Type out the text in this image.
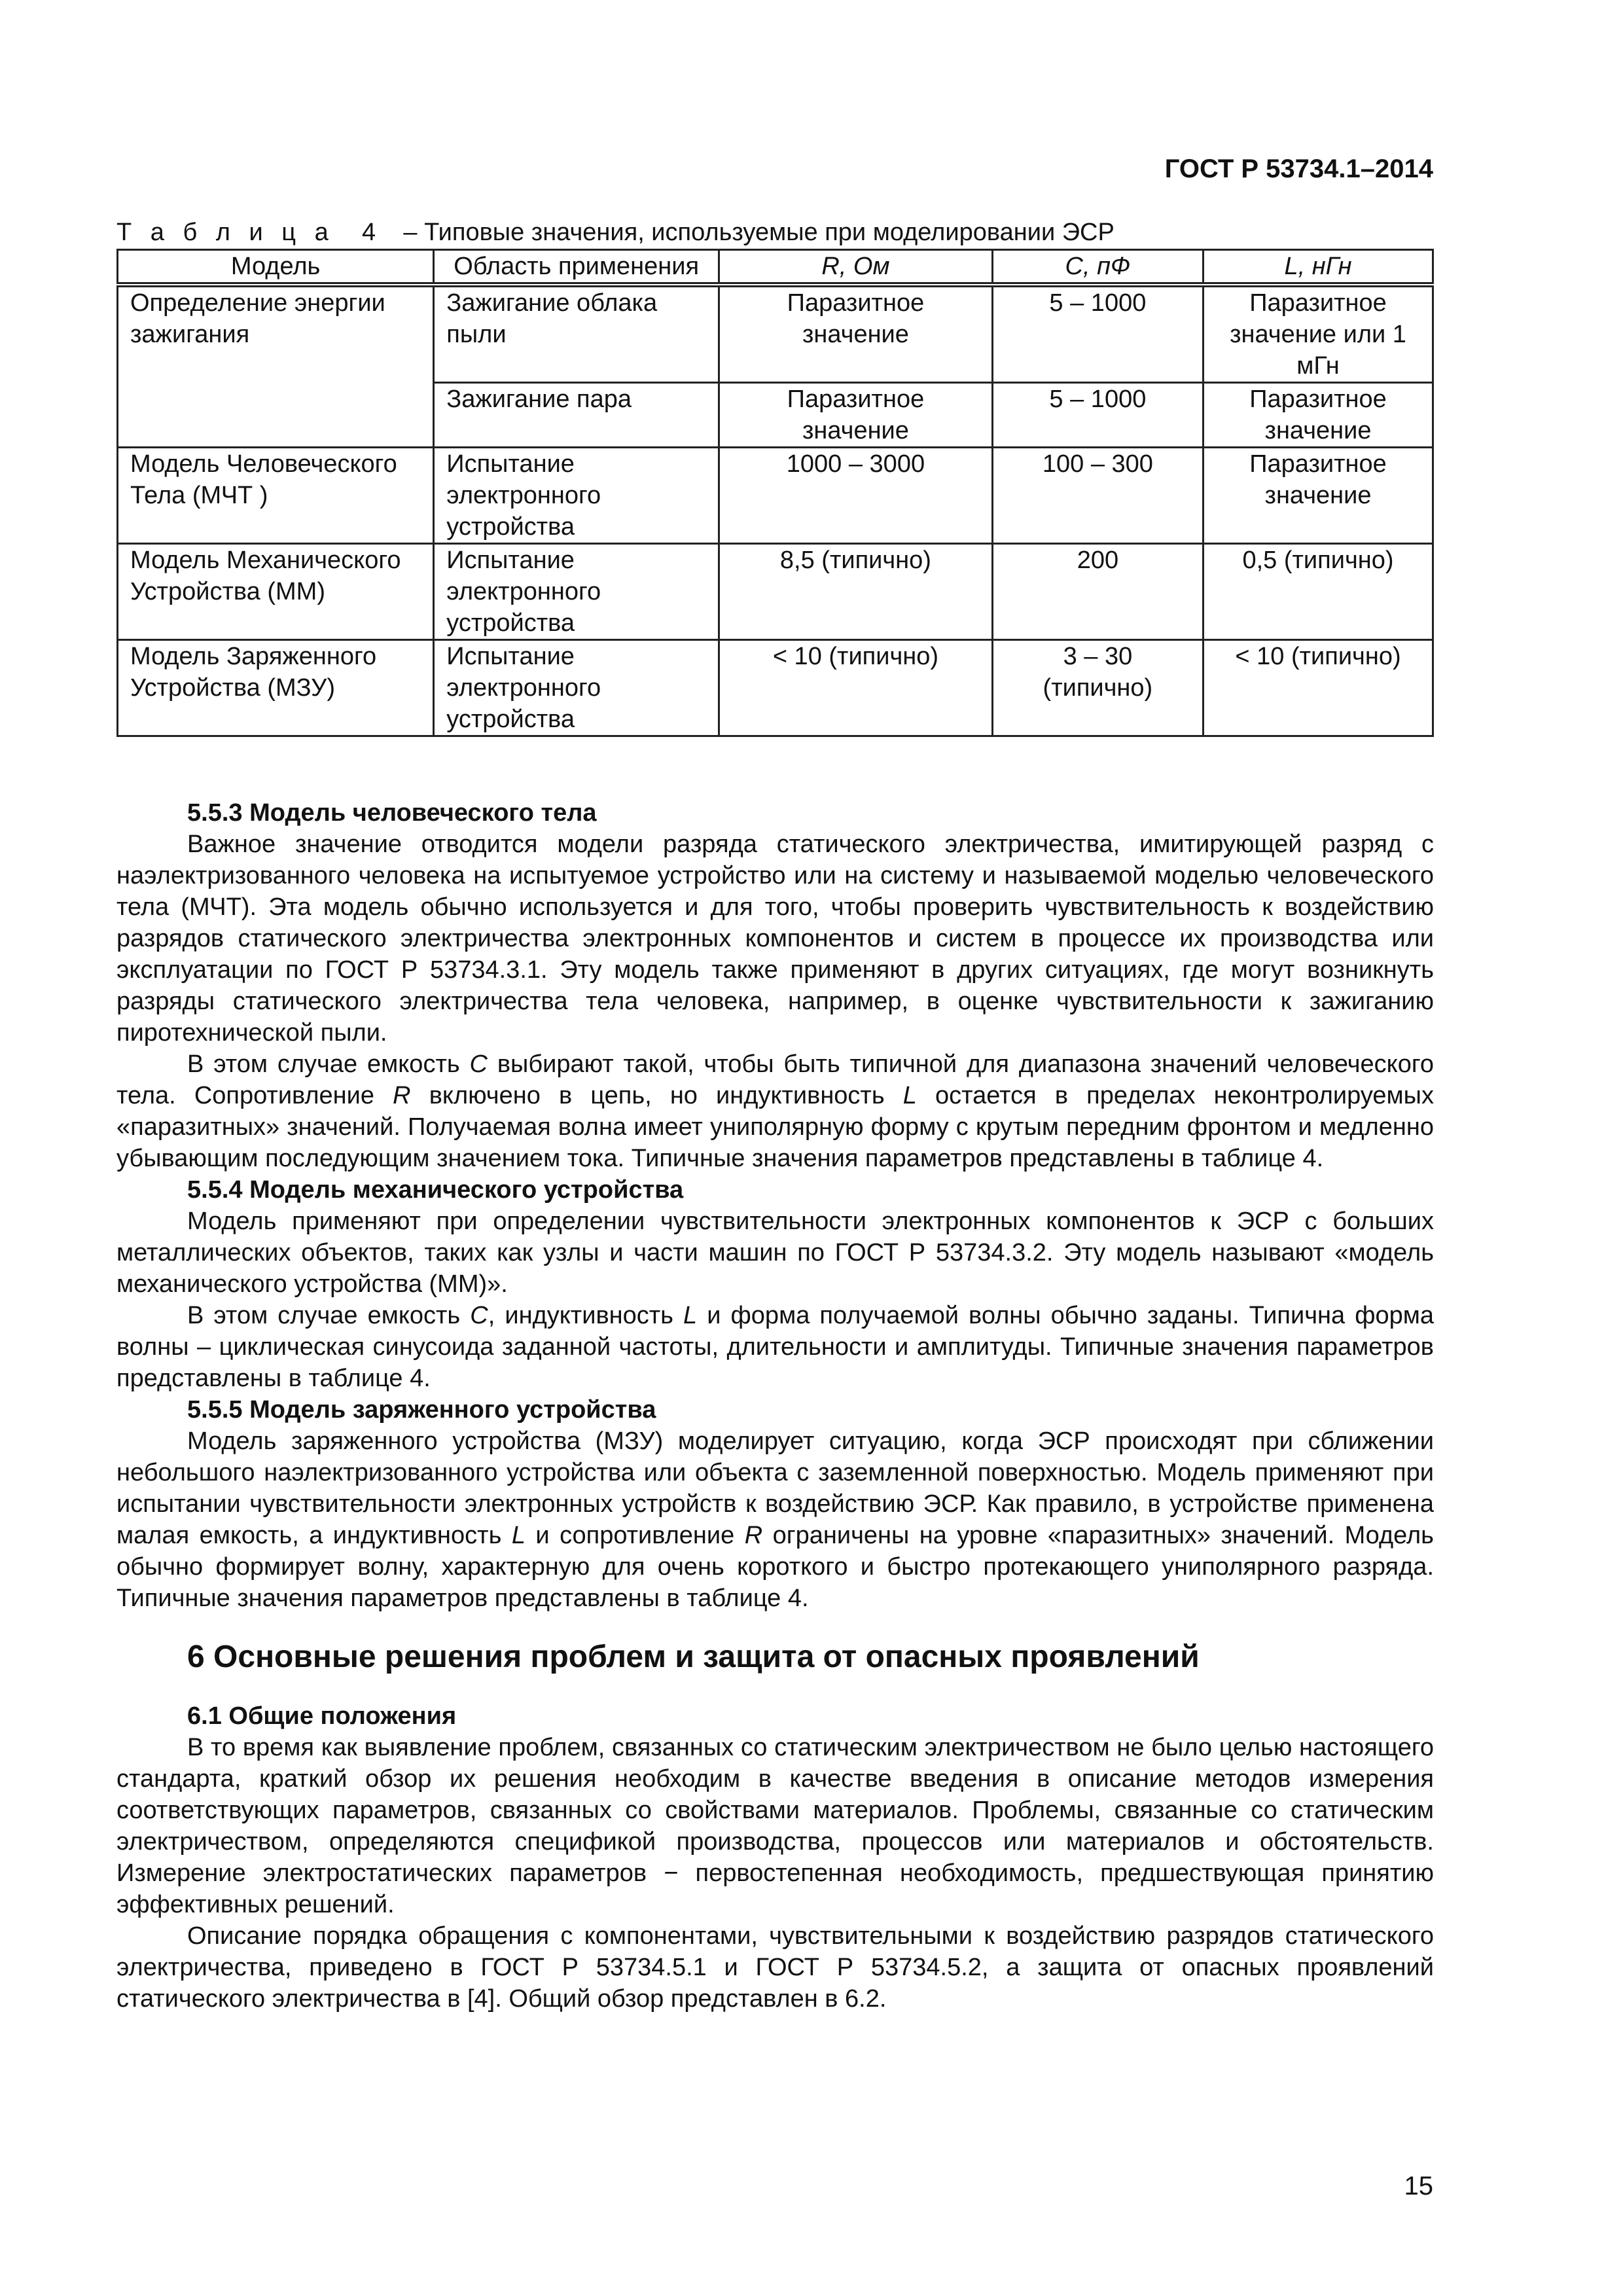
ГОСТ Р 53734.1–2014
Т а б л и ц а 4 – Типовые значения, используемые при моделировании ЭСР
Модель	Область применения	R, Ом	C, пФ	L, нГн
Определение энергии зажигания	Зажигание облака пыли	Паразитное значение	5 – 1000	Паразитное значение или 1 мГн
	Зажигание пара	Паразитное значение	5 – 1000	Паразитное значение
Модель Человеческого Тела (МЧТ )	Испытание электронного устройства	1000 – 3000	100 – 300	Паразитное значение
Модель Механического Устройства (ММ)	Испытание электронного устройства	8,5 (типично)	200	0,5 (типично)
Модель Заряженного Устройства (МЗУ)	Испытание электронного устройства	< 10 (типично)	3 – 30 (типично)	< 10 (типично)
5.5.3 Модель человеческого тела

Важное значение отводится модели разряда статического электричества, имитирующей разряд с наэлектризованного человека на испытуемое устройство или на систему и называемой моделью человеческого тела (МЧТ). Эта модель обычно используется и для того, чтобы проверить чувствительность к воздействию разрядов статического электричества электронных компонентов и систем в процессе их производства или эксплуатации по ГОСТ Р 53734.3.1. Эту модель также применяют в других ситуациях, где могут возникнуть разряды статического электричества тела человека, например, в оценке чувствительности к зажиганию пиротехнической пыли.

В этом случае емкость C выбирают такой, чтобы быть типичной для диапазона значений человеческого тела. Сопротивление R включено в цепь, но индуктивность L остается в пределах неконтролируемых «паразитных» значений. Получаемая волна имеет униполярную форму с крутым передним фронтом и медленно убывающим последующим значением тока. Типичные значения параметров представлены в таблице 4.

5.5.4 Модель механического устройства

Модель применяют при определении чувствительности электронных компонентов к ЭСР с больших металлических объектов, таких как узлы и части машин по ГОСТ Р 53734.3.2. Эту модель называют «модель механического устройства (ММ)».

В этом случае емкость C, индуктивность L и форма получаемой волны обычно заданы. Типична форма волны – циклическая синусоида заданной частоты, длительности и амплитуды. Типичные значения параметров представлены в таблице 4.

5.5.5 Модель заряженного устройства

Модель заряженного устройства (МЗУ) моделирует ситуацию, когда ЭСР происходят при сближении небольшого наэлектризованного устройства или объекта с заземленной поверхностью. Модель применяют при испытании чувствительности электронных устройств к воздействию ЭСР. Как правило, в устройстве применена малая емкость, а индуктивность L и сопротивление R ограничены на уровне «паразитных» значений. Модель обычно формирует волну, характерную для очень короткого и быстро протекающего униполярного разряда. Типичные значения параметров представлены в таблице 4.

6 Основные решения проблем и защита от опасных проявлений
6.1 Общие положения

В то время как выявление проблем, связанных со статическим электричеством не было целью настоящего стандарта, краткий обзор их решения необходим в качестве введения в описание методов измерения соответствующих параметров, связанных со свойствами материалов. Проблемы, связанные со статическим электричеством, определяются спецификой производства, процессов или материалов и обстоятельств. Измерение электростатических параметров − первостепенная необходимость, предшествующая принятию эффективных решений.

Описание порядка обращения с компонентами, чувствительными к воздействию разрядов статического электричества, приведено в ГОСТ Р 53734.5.1 и ГОСТ Р 53734.5.2, а защита от опасных проявлений статического электричества в [4]. Общий обзор представлен в 6.2.

15
